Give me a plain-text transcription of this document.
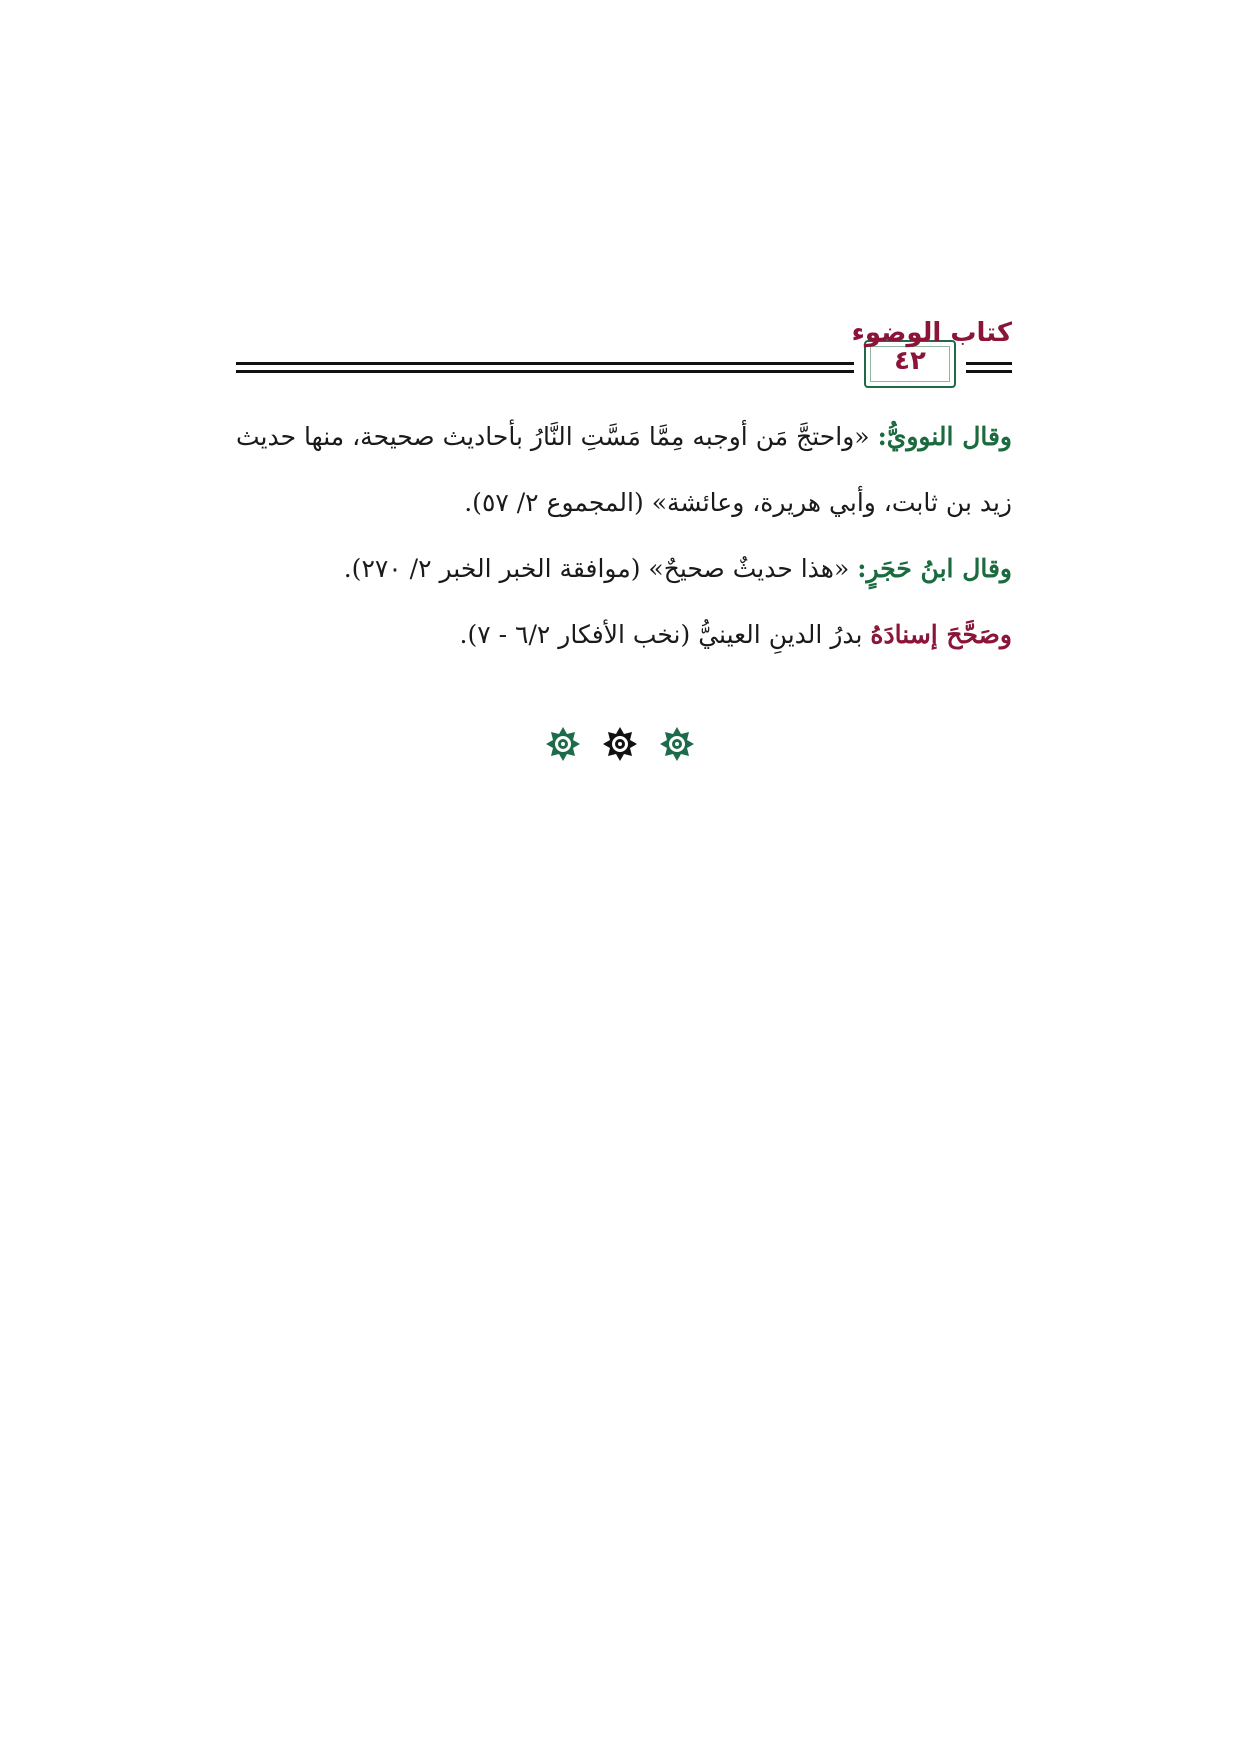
٤٢
كتاب الوضوء

وقال النوويُّ: «واحتجَّ مَن أوجبه مِمَّا مَسَّتِ النَّارُ بأحاديث صحيحة، منها حديث زيد بن ثابت، وأبي هريرة، وعائشة» (المجموع ٢/ ٥٧).

وقال ابنُ حَجَرٍ: «هذا حديثٌ صحيحٌ» (موافقة الخبر الخبر ٢/ ٢٧٠).

وصَحَّحَ إسنادَهُ بدرُ الدينِ العينيُّ (نخب الأفكار ٦/٢ - ٧).
